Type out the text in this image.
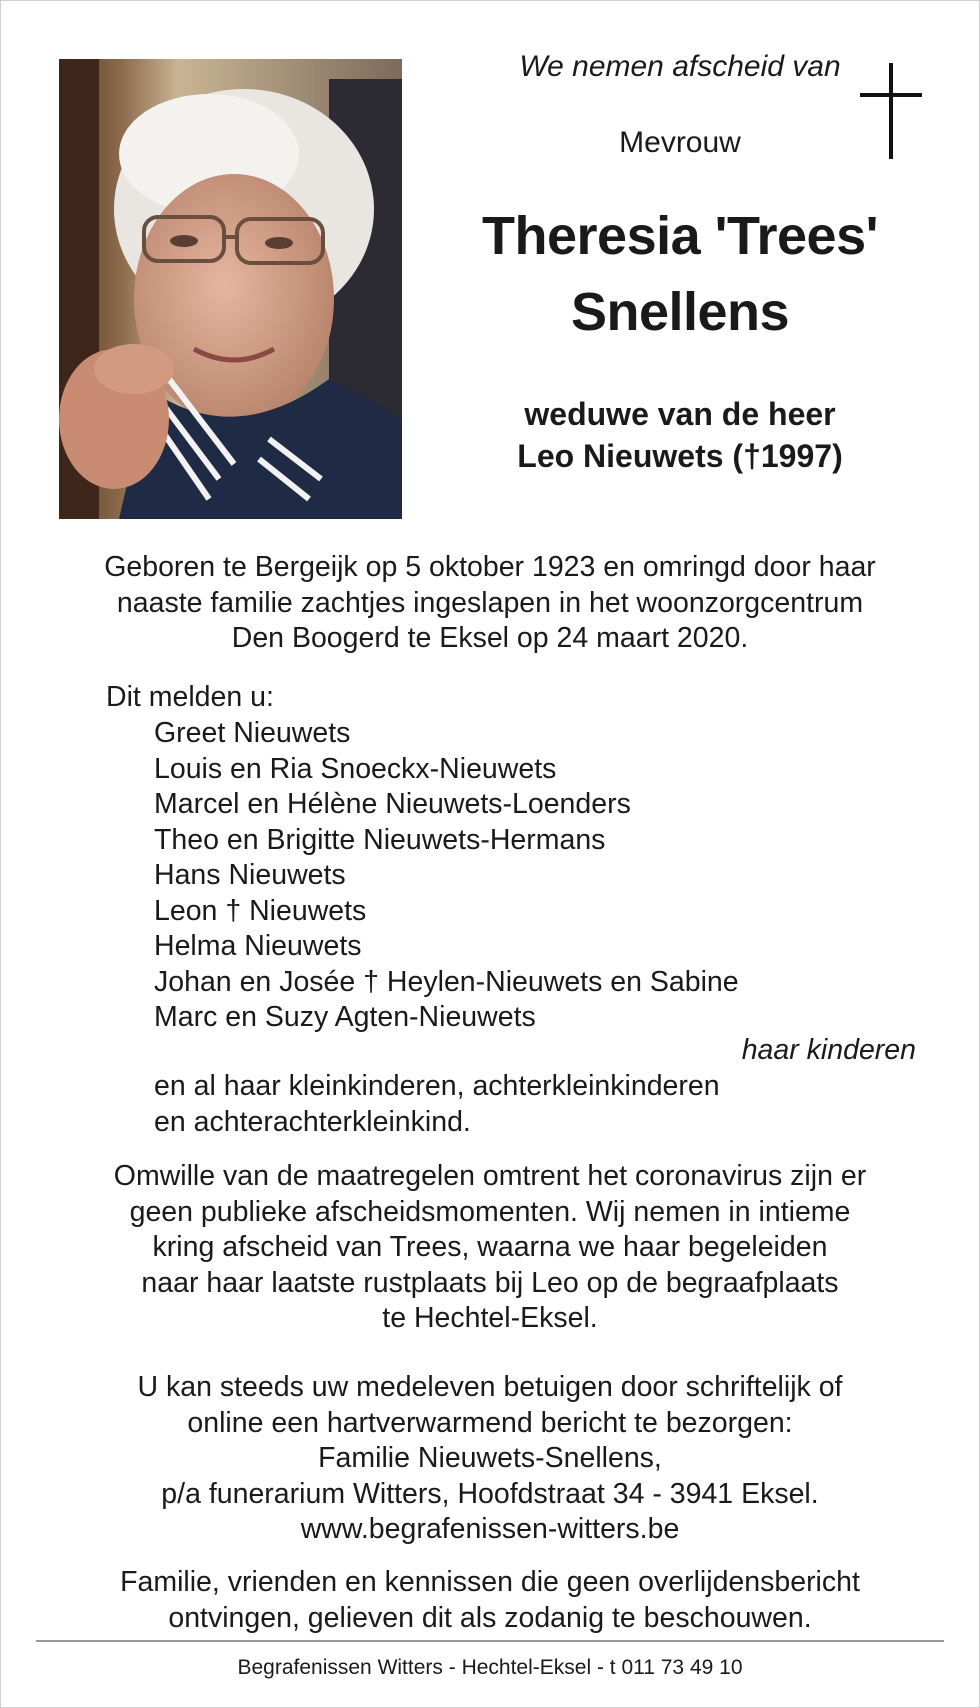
We nemen afscheid van
Mevrouw
Theresia 'Trees'
Snellens
weduwe van de heer
Leo Nieuwets (†1997)
Geboren te Bergeijk op 5 oktober 1923 en omringd door haar
naaste familie zachtjes ingeslapen in het woonzorgcentrum
Den Boogerd te Eksel op 24 maart 2020.
Dit melden u:
Greet Nieuwets
Louis en Ria Snoeckx-Nieuwets
Marcel en Hélène Nieuwets-Loenders
Theo en Brigitte Nieuwets-Hermans
Hans Nieuwets
Leon † Nieuwets
Helma Nieuwets
Johan en Josée † Heylen-Nieuwets en Sabine
Marc en Suzy Agten-Nieuwets
haar kinderen
en al haar kleinkinderen, achterkleinkinderen
en achterachterkleinkind.
Omwille van de maatregelen omtrent het coronavirus zijn er
geen publieke afscheidsmomenten. Wij nemen in intieme
kring afscheid van Trees, waarna we haar begeleiden
naar haar laatste rustplaats bij Leo op de begraafplaats
te Hechtel-Eksel.
U kan steeds uw medeleven betuigen door schriftelijk of
online een hartverwarmend bericht te bezorgen:
Familie Nieuwets-Snellens,
p/a funerarium Witters, Hoofdstraat 34 - 3941 Eksel.
www.begrafenissen-witters.be
Familie, vrienden en kennissen die geen overlijdensbericht
ontvingen, gelieven dit als zodanig te beschouwen.
Begrafenissen Witters - Hechtel-Eksel - t 011 73 49 10
